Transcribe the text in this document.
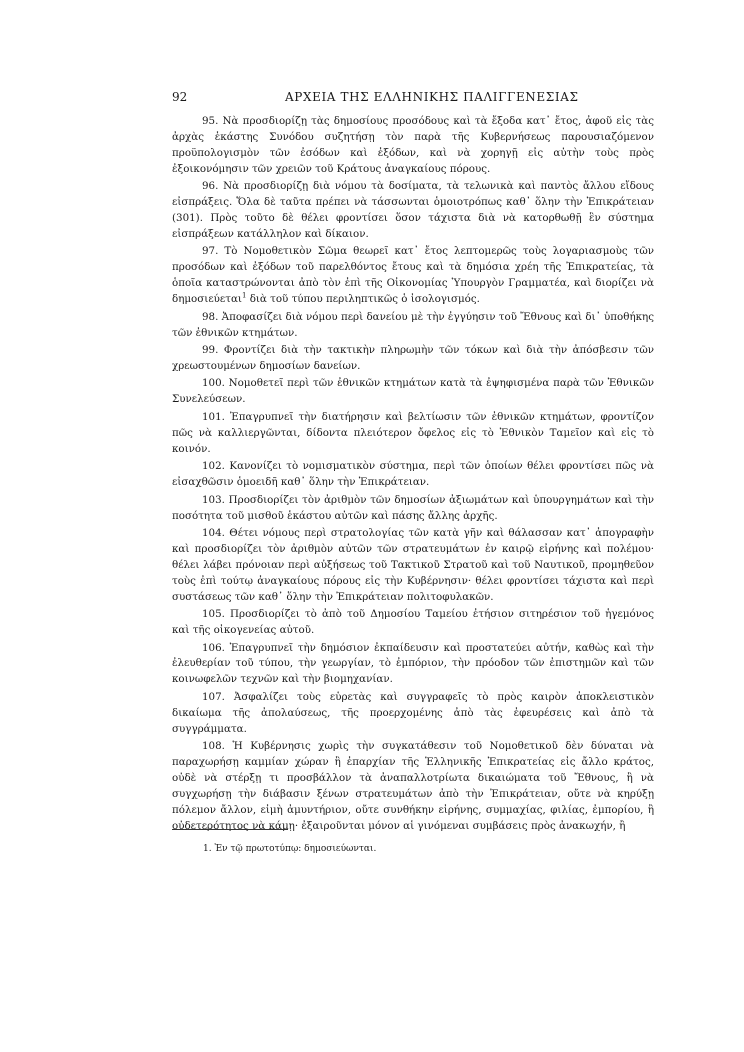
92	ΑΡΧΕΙΑ ΤΗΣ ΕΛΛΗΝΙΚΗΣ ΠΑΛΙΓΓΕΝΕΣΙΑΣ

95. Νὰ προσδιορίζῃ τὰς δημοσίους προσόδους καὶ τὰ ἔξοδα κατ᾽ ἔτος, ἀφοῦ εἰς τὰς ἀρχὰς ἑκάστης Συνόδου συζητήσῃ τὸν παρὰ τῆς Κυβερνήσεως παρουσιαζόμενον προϋπολογισμὸν τῶν ἐσόδων καὶ ἐξόδων, καὶ νὰ χορηγῇ εἰς αὐτὴν τοὺς πρὸς ἐξοικονόμησιν τῶν χρειῶν τοῦ Κράτους ἀναγκαίους πόρους.

96. Νὰ προσδιορίζῃ διὰ νόμου τὰ δοσίματα, τὰ τελωνικὰ καὶ παντὸς ἄλλου εἴδους εἰσπράξεις. Ὅλα δὲ ταῦτα πρέπει νὰ τάσσωνται ὁμοιοτρόπως καθ᾽ ὅλην τὴν Ἐπικράτειαν (301). Πρὸς τοῦτο δὲ θέλει φροντίσει ὅσον τάχιστα διὰ νὰ κατορθωθῇ ἓν σύστημα εἰσπράξεων κατάλληλον καὶ δίκαιον.

97. Τὸ Νομοθετικὸν Σῶμα θεωρεῖ κατ᾽ ἔτος λεπτομερῶς τοὺς λογαριασμοὺς τῶν προσόδων καὶ ἐξόδων τοῦ παρελθόντος ἔτους καὶ τὰ δημόσια χρέη τῆς Ἐπικρατείας, τὰ ὁποῖα καταστρώνονται ἀπὸ τὸν ἐπὶ τῆς Οἰκονομίας Ὑπουργὸν Γραμματέα, καὶ διορίζει νὰ δημοσιεύεται$^1$ διὰ τοῦ τύπου περιληπτικῶς ὁ ἰσολογισμός.

98. Ἀποφασίζει διὰ νόμου περὶ δανείου μὲ τὴν ἐγγύησιν τοῦ Ἔθνους καὶ δι᾽ ὑποθήκης τῶν ἐθνικῶν κτημάτων.

99. Φροντίζει διὰ τὴν τακτικὴν πληρωμὴν τῶν τόκων καὶ διὰ τὴν ἀπόσβεσιν τῶν χρεωστουμένων δημοσίων δανείων.

100. Νομοθετεῖ περὶ τῶν ἐθνικῶν κτημάτων κατὰ τὰ ἐψηφισμένα παρὰ τῶν Ἐθνικῶν Συνελεύσεων.

101. Ἐπαγρυπνεῖ τὴν διατήρησιν καὶ βελτίωσιν τῶν ἐθνικῶν κτημάτων, φροντίζον πῶς νὰ καλλιεργῶνται, δίδοντα πλειότερον ὄφελος εἰς τὸ Ἐθνικὸν Ταμεῖον καὶ εἰς τὸ κοινόν.

102. Κανονίζει τὸ νομισματικὸν σύστημα, περὶ τῶν ὁποίων θέλει φροντίσει πῶς νὰ εἰσαχθῶσιν ὁμοειδῆ καθ᾽ ὅλην τὴν Ἐπικράτειαν.

103. Προσδιορίζει τὸν ἀριθμὸν τῶν δημοσίων ἀξιωμάτων καὶ ὑπουργημάτων καὶ τὴν ποσότητα τοῦ μισθοῦ ἑκάστου αὐτῶν καὶ πάσης ἄλλης ἀρχῆς.

104. Θέτει νόμους περὶ στρατολογίας τῶν κατὰ γῆν καὶ θάλασσαν κατ᾽ ἀπογραφὴν καὶ προσδιορίζει τὸν ἀριθμὸν αὐτῶν τῶν στρατευμάτων ἐν καιρῷ εἰρήνης καὶ πολέμου· θέλει λάβει πρόνοιαν περὶ αὐξήσεως τοῦ Τακτικοῦ Στρατοῦ καὶ τοῦ Ναυτικοῦ, προμηθεῦον τοὺς ἐπὶ τούτῳ ἀναγκαίους πόρους εἰς τὴν Κυβέρνησιν· θέλει φροντίσει τάχιστα καὶ περὶ συστάσεως τῶν καθ᾽ ὅλην τὴν Ἐπικράτειαν πολιτοφυλακῶν.

105. Προσδιορίζει τὸ ἀπὸ τοῦ Δημοσίου Ταμείου ἐτήσιον σιτηρέσιον τοῦ ἡγεμόνος καὶ τῆς οἰκογενείας αὐτοῦ.

106. Ἐπαγρυπνεῖ τὴν δημόσιον ἐκπαίδευσιν καὶ προστατεύει αὐτήν, καθὼς καὶ τὴν ἐλευθερίαν τοῦ τύπου, τὴν γεωργίαν, τὸ ἐμπόριον, τὴν πρόοδον τῶν ἐπιστημῶν καὶ τῶν κοινωφελῶν τεχνῶν καὶ τὴν βιομηχανίαν.

107. Ἀσφαλίζει τοὺς εὑρετὰς καὶ συγγραφεῖς τὸ πρὸς καιρὸν ἀποκλειστικὸν δικαίωμα τῆς ἀπολαύσεως, τῆς προερχομένης ἀπὸ τὰς ἐφευρέσεις καὶ ἀπὸ τὰ συγγράμματα.

108. Ἡ Κυβέρνησις χωρὶς τὴν συγκατάθεσιν τοῦ Νομοθετικοῦ δὲν δύναται νὰ παραχωρήσῃ καμμίαν χώραν ἢ ἐπαρχίαν τῆς Ἑλληνικῆς Ἐπικρατείας εἰς ἄλλο κράτος, οὐδὲ νὰ στέρξῃ τι προσβάλλον τὰ ἀναπαλλοτρίωτα δικαιώματα τοῦ Ἔθνους, ἢ νὰ συγχωρήσῃ τὴν διάβασιν ξένων στρατευμάτων ἀπὸ τὴν Ἐπικράτειαν, οὔτε νὰ κηρύξῃ πόλεμον ἄλλον, εἰμὴ ἀμυντήριον, οὔτε συνθήκην εἰρήνης, συμμαχίας, φιλίας, ἐμπορίου, ἢ οὐδετερότητος νὰ κάμῃ· ἐξαιροῦνται μόνον αἱ γινόμεναι συμβάσεις πρὸς ἀνακωχήν, ἢ

1. Ἐν τῷ πρωτοτύπῳ: δημοσιεύωνται.
